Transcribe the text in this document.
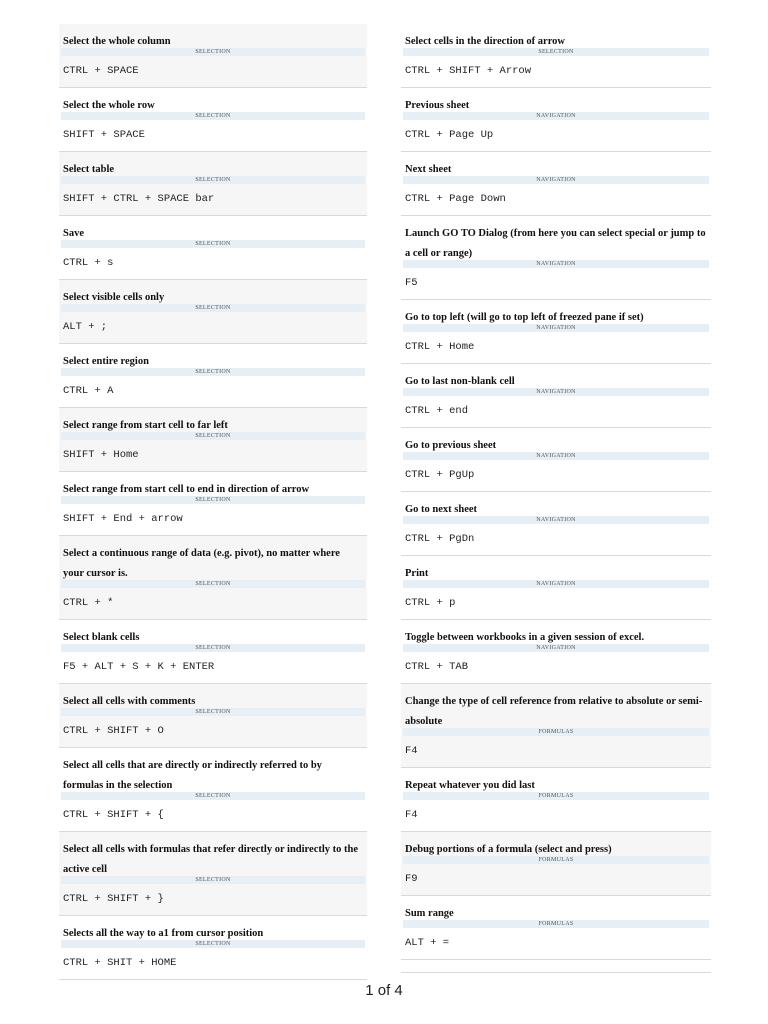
Select the whole column
SELECTION
CTRL + SPACE
Select the whole row
SELECTION
SHIFT + SPACE
Select table
SELECTION
SHIFT + CTRL + SPACE bar
Save
SELECTION
CTRL + s
Select visible cells only
SELECTION
ALT + ;
Select entire region
SELECTION
CTRL + A
Select range from start cell to far left
SELECTION
SHIFT + Home
Select range from start cell to end in direction of arrow
SELECTION
SHIFT + End + arrow
Select a continuous range of data (e.g. pivot), no matter where your cursor is.
SELECTION
CTRL + *
Select blank cells
SELECTION
F5 + ALT + S + K + ENTER
Select all cells with comments
SELECTION
CTRL + SHIFT + O
Select all cells that are directly or indirectly referred to by formulas in the selection
SELECTION
CTRL + SHIFT + {
Select all cells with formulas that refer directly or indirectly to the active cell
SELECTION
CTRL + SHIFT + }
Selects all the way to a1 from cursor position
SELECTION
CTRL + SHIT + HOME
Select cells in the direction of arrow
SELECTION
CTRL + SHIFT + Arrow
Previous sheet
NAVIGATION
CTRL + Page Up
Next sheet
NAVIGATION
CTRL + Page Down
Launch GO TO Dialog (from here you can select special or jump to a cell or range)
NAVIGATION
F5
Go to top left (will go to top left of freezed pane if set)
NAVIGATION
CTRL + Home
Go to last non-blank cell
NAVIGATION
CTRL + end
Go to previous sheet
NAVIGATION
CTRL + PgUp
Go to next sheet
NAVIGATION
CTRL + PgDn
Print
NAVIGATION
CTRL + p
Toggle between workbooks in a given session of excel.
NAVIGATION
CTRL + TAB
Change the type of cell reference from relative to absolute or semi-absolute
FORMULAS
F4
Repeat whatever you did last
FORMULAS
F4
Debug portions of a formula (select and press)
FORMULAS
F9
Sum range
FORMULAS
ALT + =
1 of 4
